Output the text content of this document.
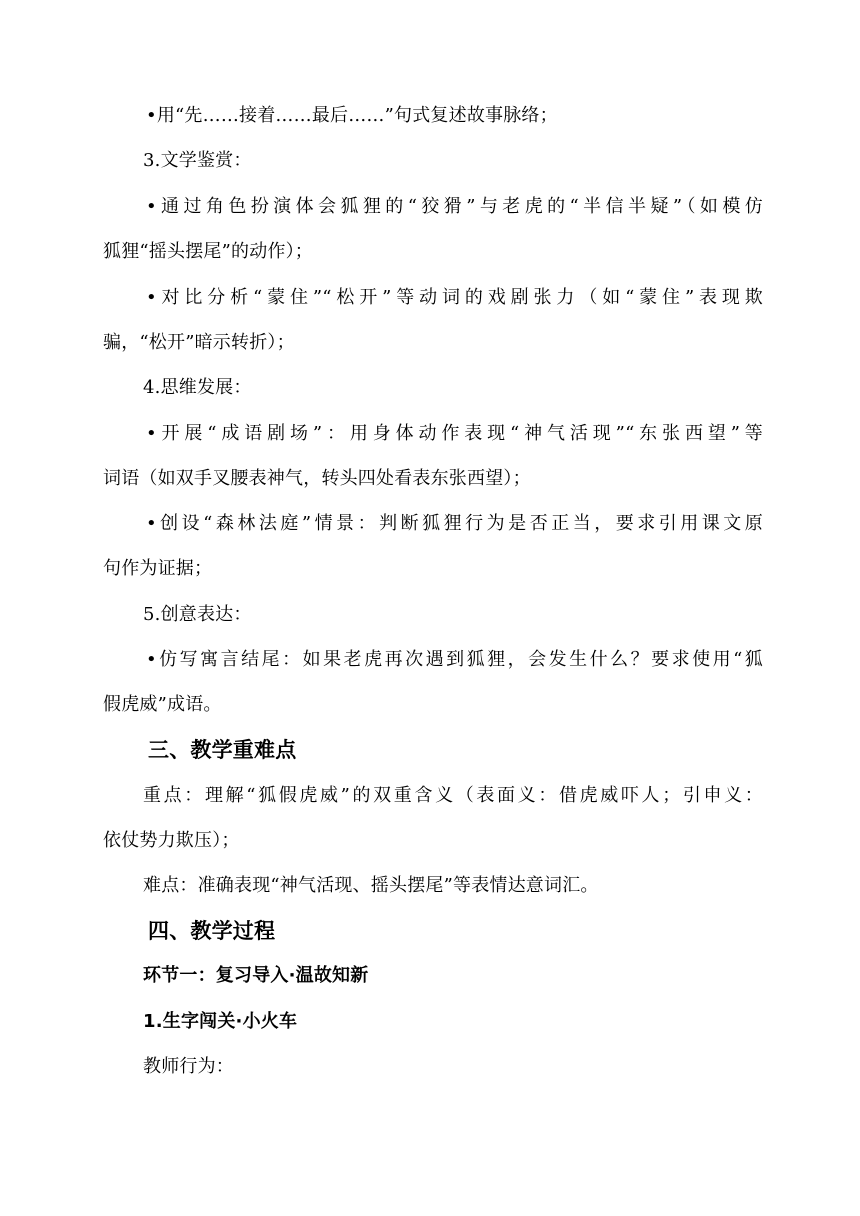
•用“先……接着……最后……”句式复述故事脉络；
3.文学鉴赏：
•通过角色扮演体会狐狸的“狡猾”与老虎的“半信半疑”（如模仿
狐狸“摇头摆尾”的动作）；
•对比分析“蒙住”“松开”等动词的戏剧张力（如“蒙住”表现欺
骗，“松开”暗示转折）；
4.思维发展：
•开展“成语剧场”：用身体动作表现“神气活现”“东张西望”等
词语（如双手叉腰表神气，转头四处看表东张西望）；
•创设“森林法庭”情景：判断狐狸行为是否正当，要求引用课文原
句作为证据；
5.创意表达：
•仿写寓言结尾：如果老虎再次遇到狐狸，会发生什么？要求使用“狐
假虎威”成语。
三、教学重难点
重点：理解“狐假虎威”的双重含义（表面义：借虎威吓人；引申义：
依仗势力欺压）；
难点：准确表现“神气活现、摇头摆尾”等表情达意词汇。
四、教学过程
环节一：复习导入·温故知新
1.生字闯关·小火车
教师行为：
